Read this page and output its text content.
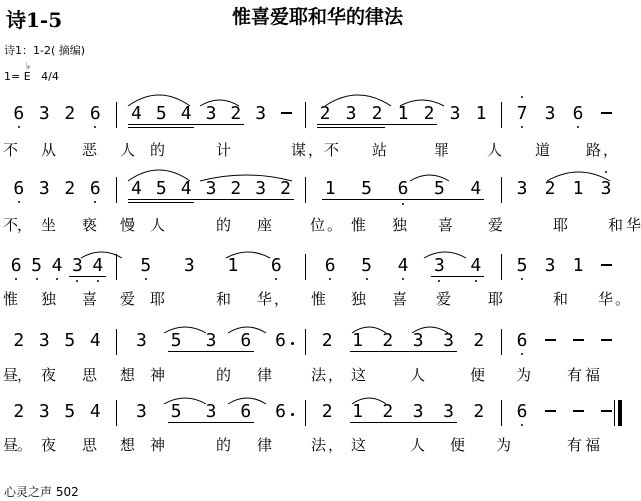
诗1-5	惟喜爱耶和华的律法
诗1：1-2( 摘编)
♭
1= E 4/4
6 3 2 6 4 5 4 3 2 3	2 3 2 1 2 3 1 7 3 6
不 从 恶 人 的	计	谋 ， 不 站	罪	人 道 路 ，
6 3 2 6 4 5 4 3 2 3 2 1 5 6 5 4 3 2 1 3
不 坐 亵 慢 人	的 座	位 。 惟 独 喜 爱	耶	和 华
，
6 5 4 3 4 5 3 1 6 6 5 4 3 4 5 3 1
惟 独 喜 爱 耶	和 华 ， 惟 独 喜 爱 耶	和 华 。
2 3 5 4 3 5 3 6 6 2 1 2 3 3 2 6
昼 夜 思 想 神	的 律	法 ， 这	人	便 为 有 福
，
2 3 5 4 3 5 3 6 6 2 1 2 3 3 2 6
昼 夜 思 想 神	的 律	法 ， 这	人 便 为	有 福
。
心灵之声 502
